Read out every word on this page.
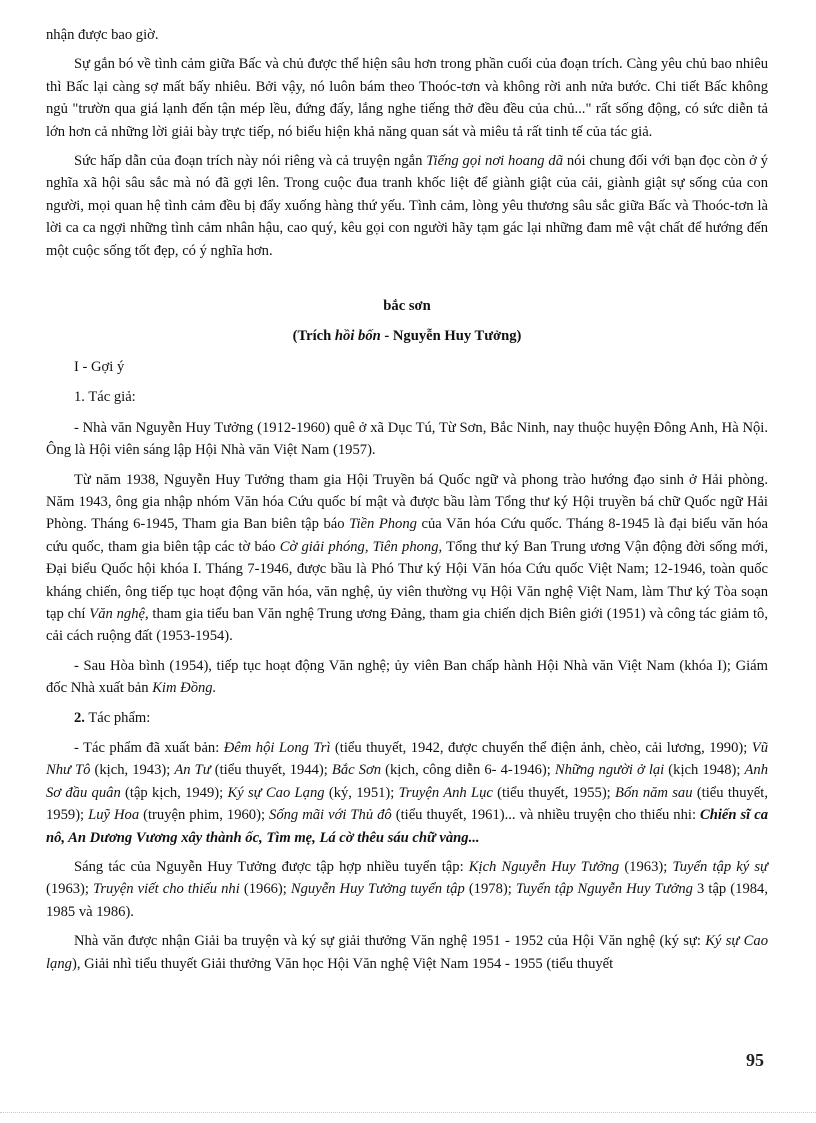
nhận được bao giờ.

Sự gắn bó về tình cảm giữa Bấc và chủ được thể hiện sâu hơn trong phần cuối của đoạn trích. Càng yêu chủ bao nhiêu thì Bấc lại càng sợ mất bấy nhiêu. Bởi vậy, nó luôn bám theo Thoóc-tơn và không rời anh nửa bước. Chi tiết Bấc không ngủ "trườn qua giá lạnh đến tận mép lều, đứng đấy, lắng nghe tiếng thở đều đều của chủ..." rất sống động, có sức diễn tả lớn hơn cả những lời giải bày trực tiếp, nó biểu hiện khả năng quan sát và miêu tả rất tinh tế của tác giả.

Sức hấp dẫn của đoạn trích này nói riêng và cả truyện ngắn Tiếng gọi nơi hoang dã nói chung đối với bạn đọc còn ở ý nghĩa xã hội sâu sắc mà nó đã gợi lên. Trong cuộc đua tranh khốc liệt để giành giật của cải, giành giật sự sống của con người, mọi quan hệ tình cảm đều bị đẩy xuống hàng thứ yếu. Tình cảm, lòng yêu thương sâu sắc giữa Bấc và Thoóc-tơn là lời ca ca ngợi những tình cảm nhân hậu, cao quý, kêu gọi con người hãy tạm gác lại những đam mê vật chất để hướng đến một cuộc sống tốt đẹp, có ý nghĩa hơn.

bắc sơn

(Trích hồi bốn - Nguyễn Huy Tưởng)

I - Gợi ý

1. Tác giả:

- Nhà văn Nguyễn Huy Tưởng (1912-1960) quê ở xã Dục Tú, Từ Sơn, Bắc Ninh, nay thuộc huyện Đông Anh, Hà Nội. Ông là Hội viên sáng lập Hội Nhà văn Việt Nam (1957).

Từ năm 1938, Nguyễn Huy Tưởng tham gia Hội Truyền bá Quốc ngữ và phong trào hướng đạo sinh ở Hải phòng. Năm 1943, ông gia nhập nhóm Văn hóa Cứu quốc bí mật và được bầu làm Tổng thư ký Hội truyền bá chữ Quốc ngữ Hải Phòng. Tháng 6-1945, Tham gia Ban biên tập báo Tiền Phong của Văn hóa Cứu quốc. Tháng 8-1945 là đại biểu văn hóa cứu quốc, tham gia biên tập các tờ báo Cờ giải phóng, Tiên phong, Tổng thư ký Ban Trung ương Vận động đời sống mới, Đại biểu Quốc hội khóa I. Tháng 7-1946, được bầu là Phó Thư ký Hội Văn hóa Cứu quốc Việt Nam; 12-1946, toàn quốc kháng chiến, ông tiếp tục hoạt động văn hóa, văn nghệ, ủy viên thường vụ Hội Văn nghệ Việt Nam, làm Thư ký Tòa soạn tạp chí Văn nghệ, tham gia tiểu ban Văn nghệ Trung ương Đảng, tham gia chiến dịch Biên giới (1951) và công tác giảm tô, cải cách ruộng đất (1953-1954).

- Sau Hòa bình (1954), tiếp tục hoạt động Văn nghệ; ủy viên Ban chấp hành Hội Nhà văn Việt Nam (khóa I); Giám đốc Nhà xuất bản Kim Đồng.

2. Tác phẩm:

- Tác phẩm đã xuất bản: Đêm hội Long Trì (tiểu thuyết, 1942, được chuyển thể điện ảnh, chèo, cải lương, 1990); Vũ Như Tô (kịch, 1943); An Tư (tiểu thuyết, 1944); Bắc Sơn (kịch, công diễn 6- 4-1946); Những người ở lại (kịch 1948); Anh Sơ đầu quân (tập kịch, 1949); Ký sự Cao Lạng (ký, 1951); Truyện Anh Lục (tiểu thuyết, 1955); Bốn năm sau (tiểu thuyết, 1959); Luỹ Hoa (truyện phim, 1960); Sống mãi với Thủ đô (tiểu thuyết, 1961)... và nhiều truyện cho thiếu nhi: Chiến sĩ ca nô, An Dương Vương xây thành ốc, Tìm mẹ, Lá cờ thêu sáu chữ vàng...

Sáng tác của Nguyễn Huy Tưởng được tập hợp nhiều tuyển tập: Kịch Nguyễn Huy Tưởng (1963); Tuyển tập ký sự (1963); Truyện viết cho thiếu nhi (1966); Nguyễn Huy Tưởng tuyển tập (1978); Tuyển tập Nguyễn Huy Tưởng 3 tập (1984, 1985 và 1986).

Nhà văn được nhận Giải ba truyện và ký sự giải thưởng Văn nghệ 1951 - 1952 của Hội Văn nghệ (ký sự: Ký sự Cao lạng), Giải nhì tiểu thuyết Giải thưởng Văn học Hội Văn nghệ Việt Nam 1954 - 1955 (tiểu thuyết

95
